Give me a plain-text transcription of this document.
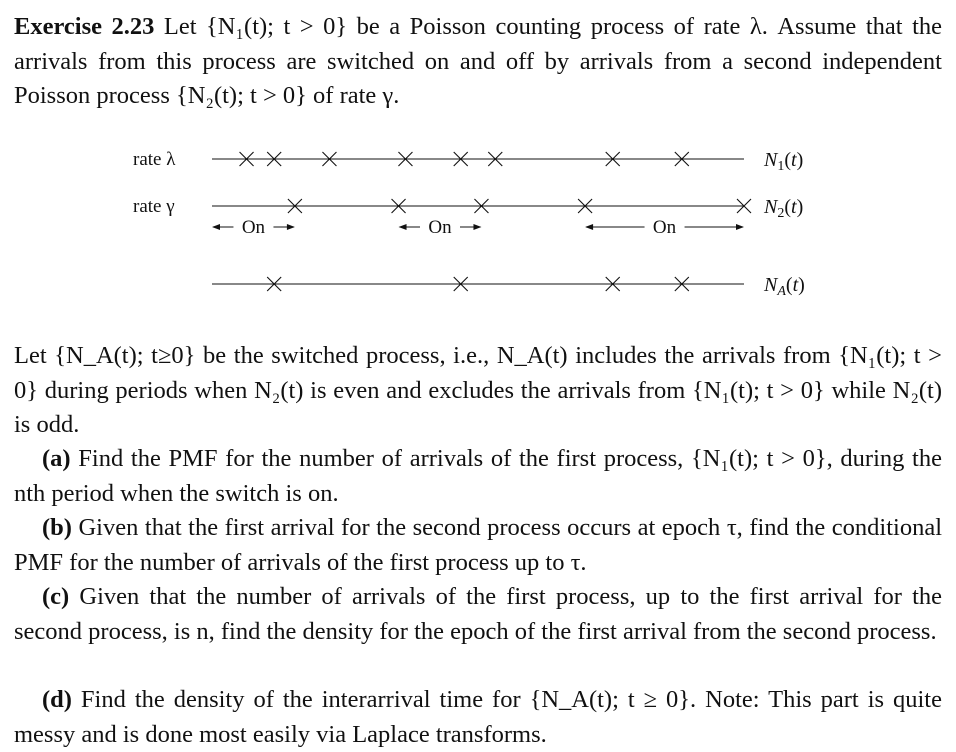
Exercise 2.23 Let {N₁(t); t > 0} be a Poisson counting process of rate λ. Assume that the arrivals from this process are switched on and off by arrivals from a second independent Poisson process {N₂(t); t > 0} of rate γ.
rate λ	$N_1(t)$
rate γ	$N_2(t)$
$N_A(t)$
On	On	On
Let {N_A(t); t≥0} be the switched process, i.e., N_A(t) includes the arrivals from {N₁(t); t > 0} during periods when N₂(t) is even and excludes the arrivals from {N₁(t); t > 0} while N₂(t) is odd.
(a) Find the PMF for the number of arrivals of the first process, {N₁(t); t > 0}, during the nth period when the switch is on.
(b) Given that the first arrival for the second process occurs at epoch τ, find the conditional PMF for the number of arrivals of the first process up to τ.
(c) Given that the number of arrivals of the first process, up to the first arrival for the second process, is n, find the density for the epoch of the first arrival from the second process.
(d) Find the density of the interarrival time for {N_A(t); t ≥ 0}. Note: This part is quite messy and is done most easily via Laplace transforms.
